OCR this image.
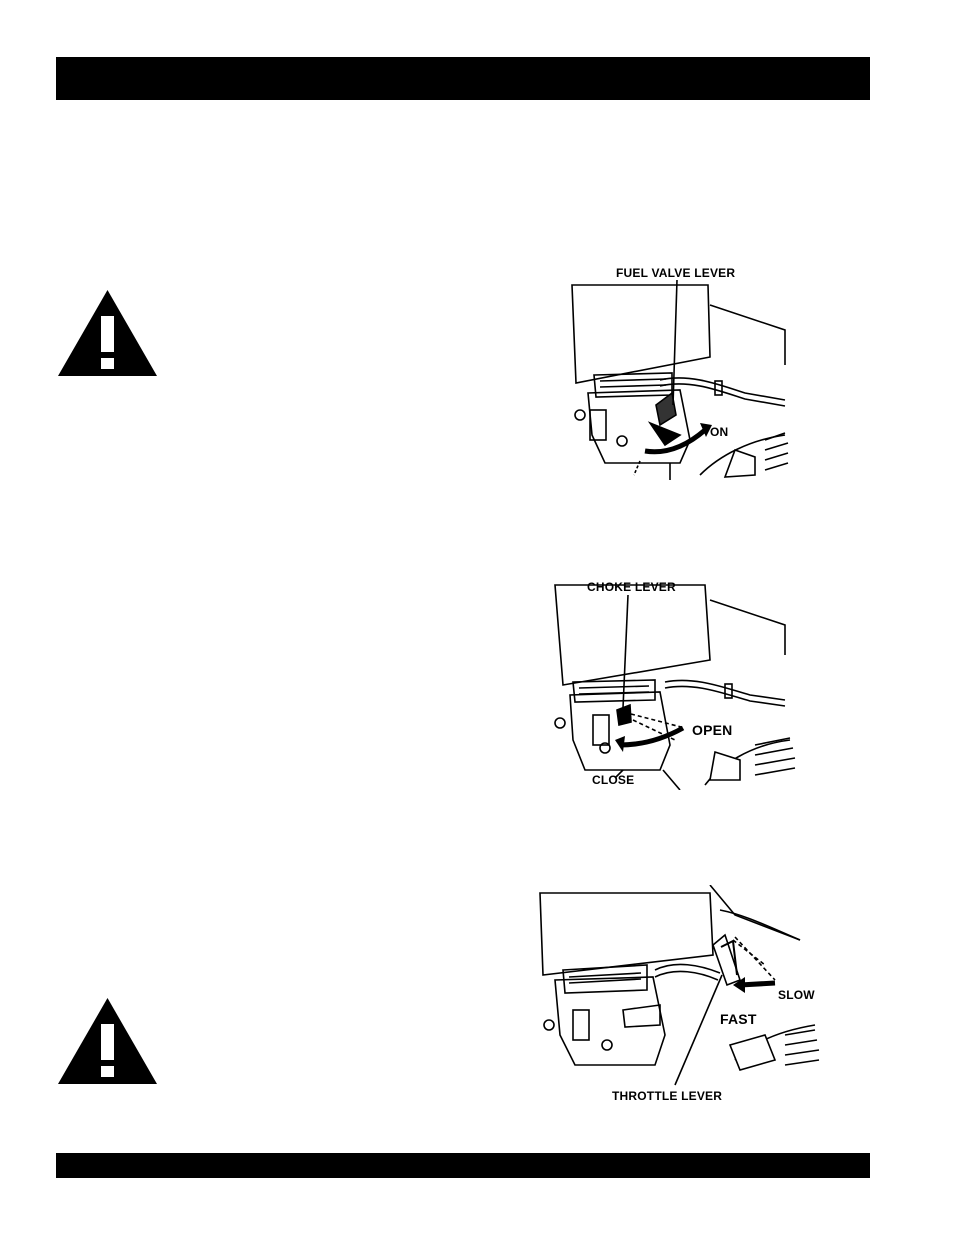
FUEL VALVE LEVER
ON
CHOKE LEVER
OPEN
CLOSE
SLOW
FAST
THROTTLE LEVER
